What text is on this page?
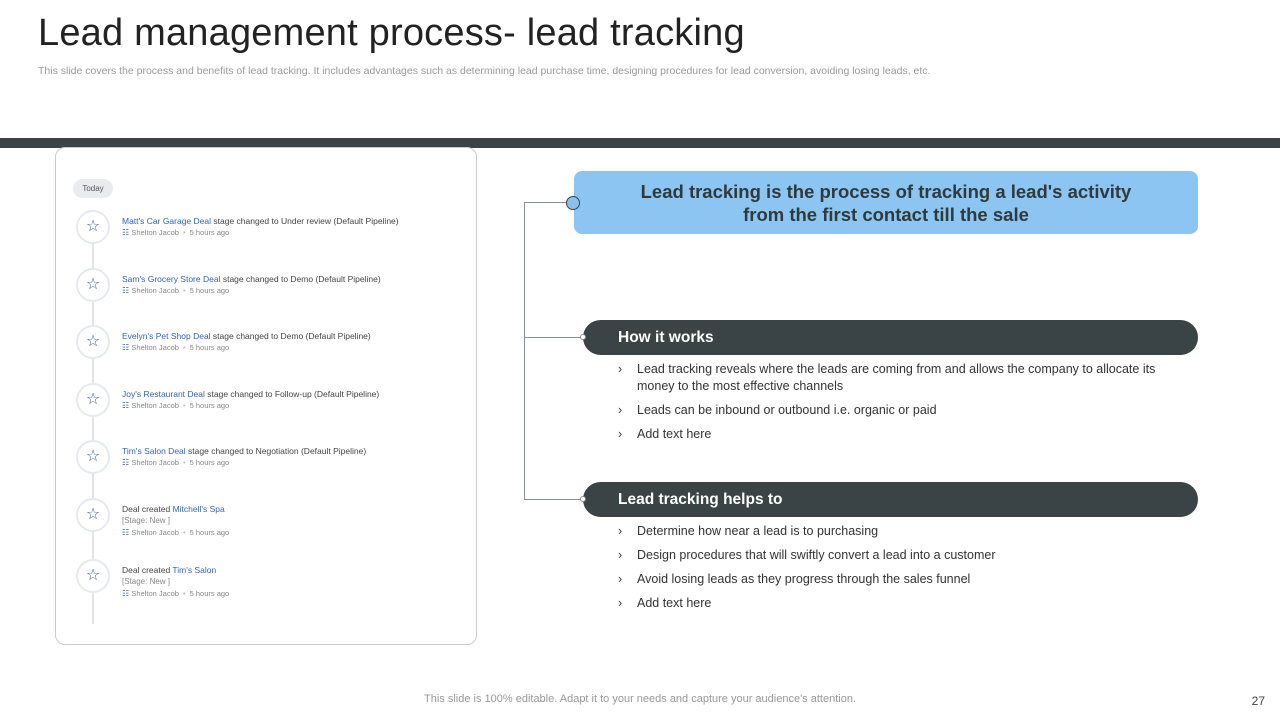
Lead management process- lead tracking
This slide covers the process and benefits of lead tracking. It includes advantages such as determining lead purchase time, designing procedures for lead conversion, avoiding losing leads, etc.
Today
☆	Matt's Car Garage Deal stage changed to Under review (Default Pipeline)
☷ Shelton Jacob • 5 hours ago
☆	Sam's Grocery Store Deal stage changed to Demo (Default Pipeline)
☷ Shelton Jacob • 5 hours ago
☆	Evelyn's Pet Shop Deal stage changed to Demo (Default Pipeline)
☷ Shelton Jacob • 5 hours ago
☆	Joy's Restaurant Deal stage changed to Follow-up (Default Pipeline)
☷ Shelton Jacob • 5 hours ago
☆	Tim's Salon Deal stage changed to Negotiation (Default Pipeline)
☷ Shelton Jacob • 5 hours ago
☆	Deal created Mitchell's Spa
[Stage: New ]
☷ Shelton Jacob • 5 hours ago
☆	Deal created Tim's Salon
[Stage: New ]
☷ Shelton Jacob • 5 hours ago
Lead tracking is the process of tracking a lead's activity
from the first contact till the sale
How it works
› Lead tracking reveals where the leads are coming from and allows the company to allocate its money to the most effective channels
› Leads can be inbound or outbound i.e. organic or paid
› Add text here
Lead tracking helps to
› Determine how near a lead is to purchasing
› Design procedures that will swiftly convert a lead into a customer
› Avoid losing leads as they progress through the sales funnel
› Add text here
This slide is 100% editable. Adapt it to your needs and capture your audience's attention.	27
